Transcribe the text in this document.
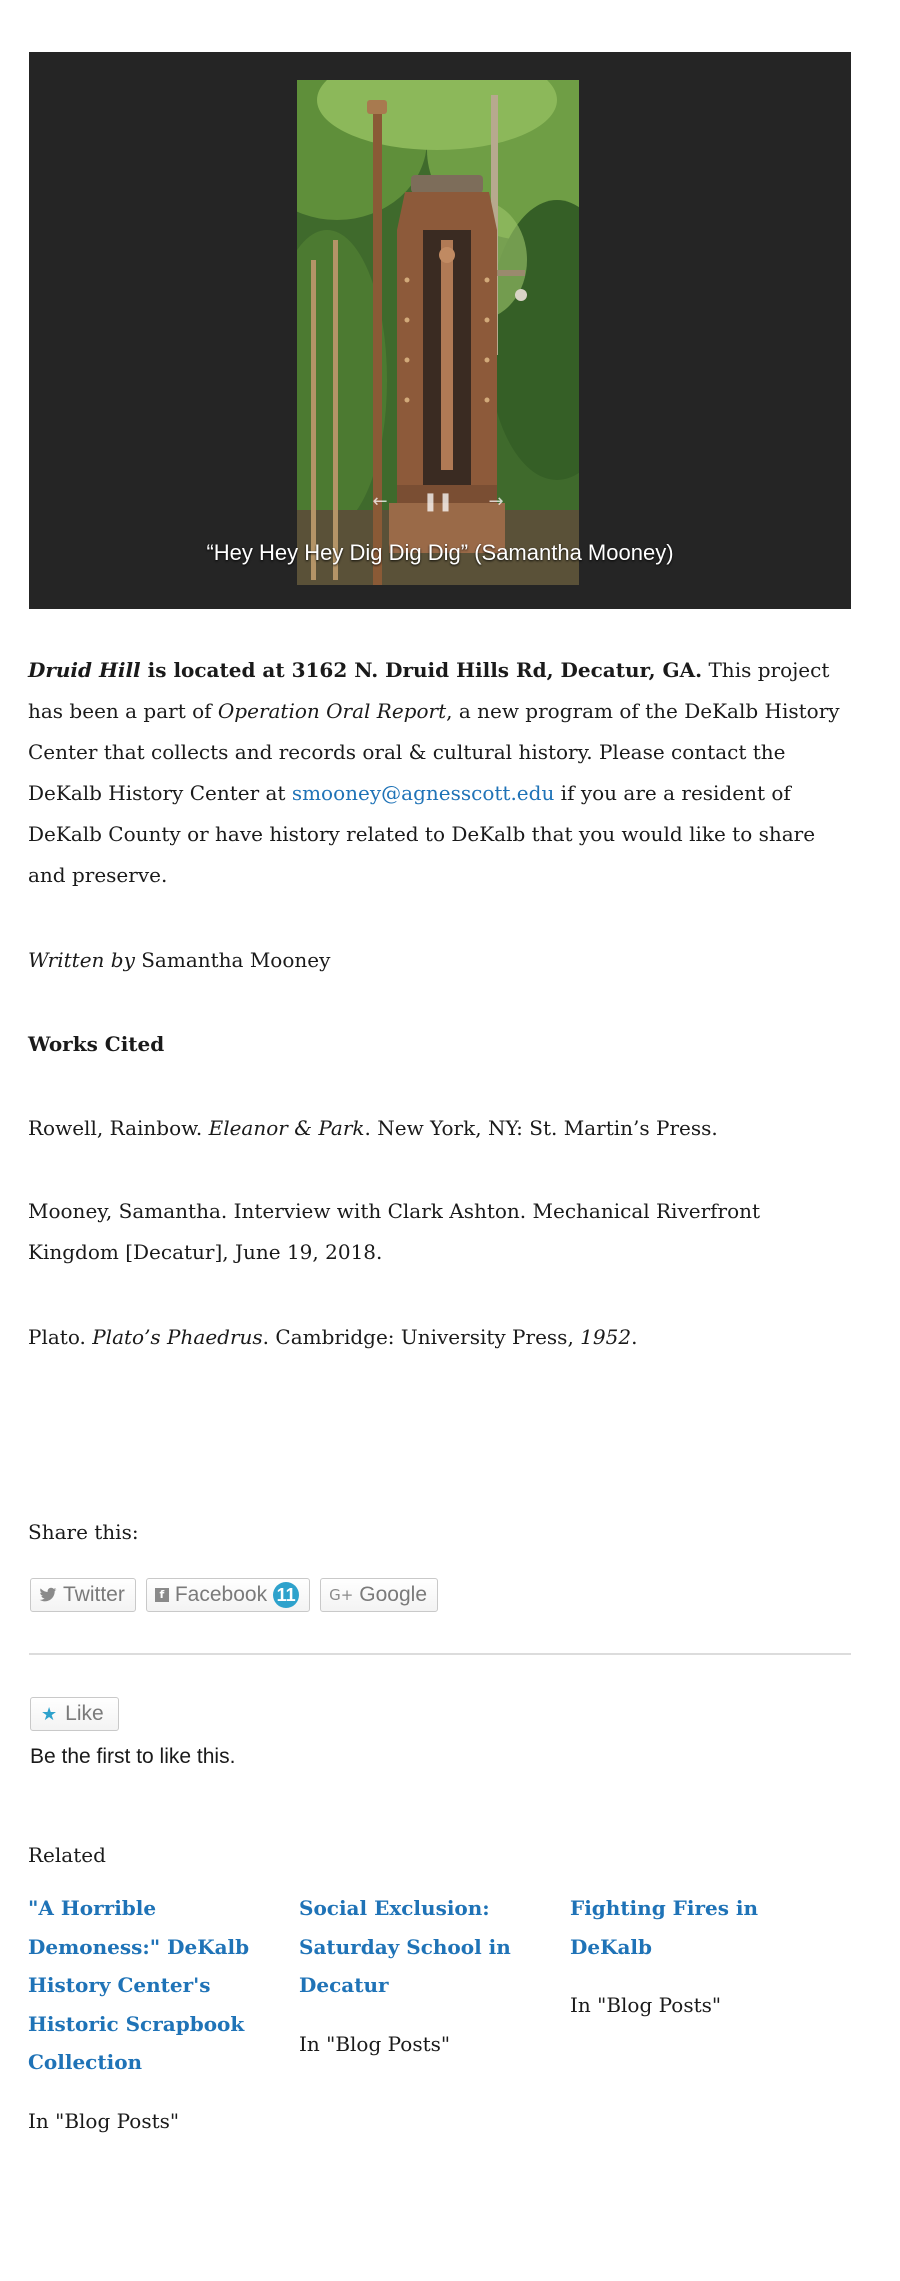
←	❚❚	→
“Hey Hey Hey Dig Dig Dig” (Samantha Mooney)
Druid Hill is located at 3162 N. Druid Hills Rd, Decatur, GA. This project has been a part of Operation Oral Report, a new program of the DeKalb History Center that collects and records oral & cultural history. Please contact the DeKalb History Center at smooney@agnesscott.edu if you are a resident of DeKalb County or have history related to DeKalb that you would like to share and preserve.
Written by Samantha Mooney
Works Cited
Rowell, Rainbow. Eleanor & Park. New York, NY: St. Martin’s Press.
Mooney, Samantha. Interview with Clark Ashton. Mechanical Riverfront Kingdom [Decatur], June 19, 2018.
Plato. Plato’s Phaedrus. Cambridge: University Press, 1952.
Share this:
Twitter	f Facebook 11 G+ Google
★ Like
Be the first to like this.
Related
"A Horrible Demoness:" DeKalb History Center's Historic Scrapbook Collection
In "Blog Posts"
Social Exclusion: Saturday School in Decatur
In "Blog Posts"
Fighting Fires in DeKalb
In "Blog Posts"
